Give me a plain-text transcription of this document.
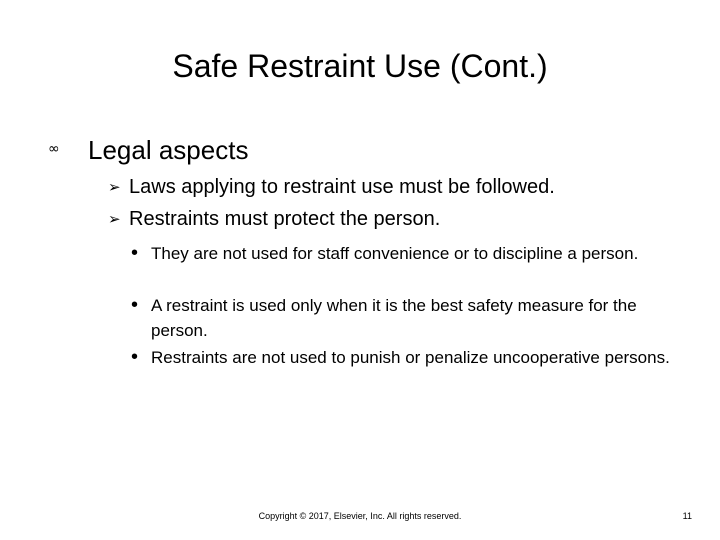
Safe Restraint Use (Cont.)
∞ Legal aspects
➢ Laws applying to restraint use must be followed.
➢ Restraints must protect the person.
• They are not used for staff convenience or to discipline a person.
• A restraint is used only when it is the best safety measure for the person.
• Restraints are not used to punish or penalize uncooperative persons.
Copyright © 2017, Elsevier, Inc. All rights reserved.	11
